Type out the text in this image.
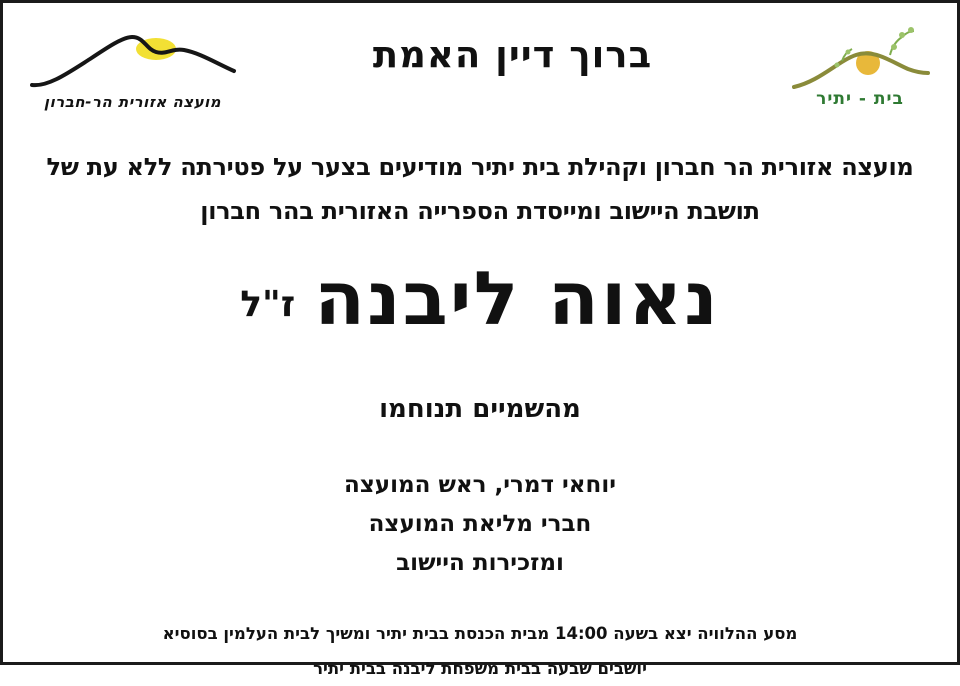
מועצה אזורית הר-חברון
ברוך דיין האמת
בית - יתיר
מועצה אזורית הר חברון וקהילת בית יתיר מודיעים בצער על פטירתה ללא עת של
תושבת היישוב ומייסדת הספרייה האזורית בהר חברון
נאוה ליבנה ז"ל
מהשמיים תנוחמו
יוחאי דמרי, ראש המועצה
חברי מליאת המועצה
ומזכירות היישוב
מסע ההלוויה יצא בשעה 14:00 מבית הכנסת בבית יתיר ומשיך לבית העלמין בסוסיא
יושבים שבעה בבית משפחת ליבנה בבית יתיר
